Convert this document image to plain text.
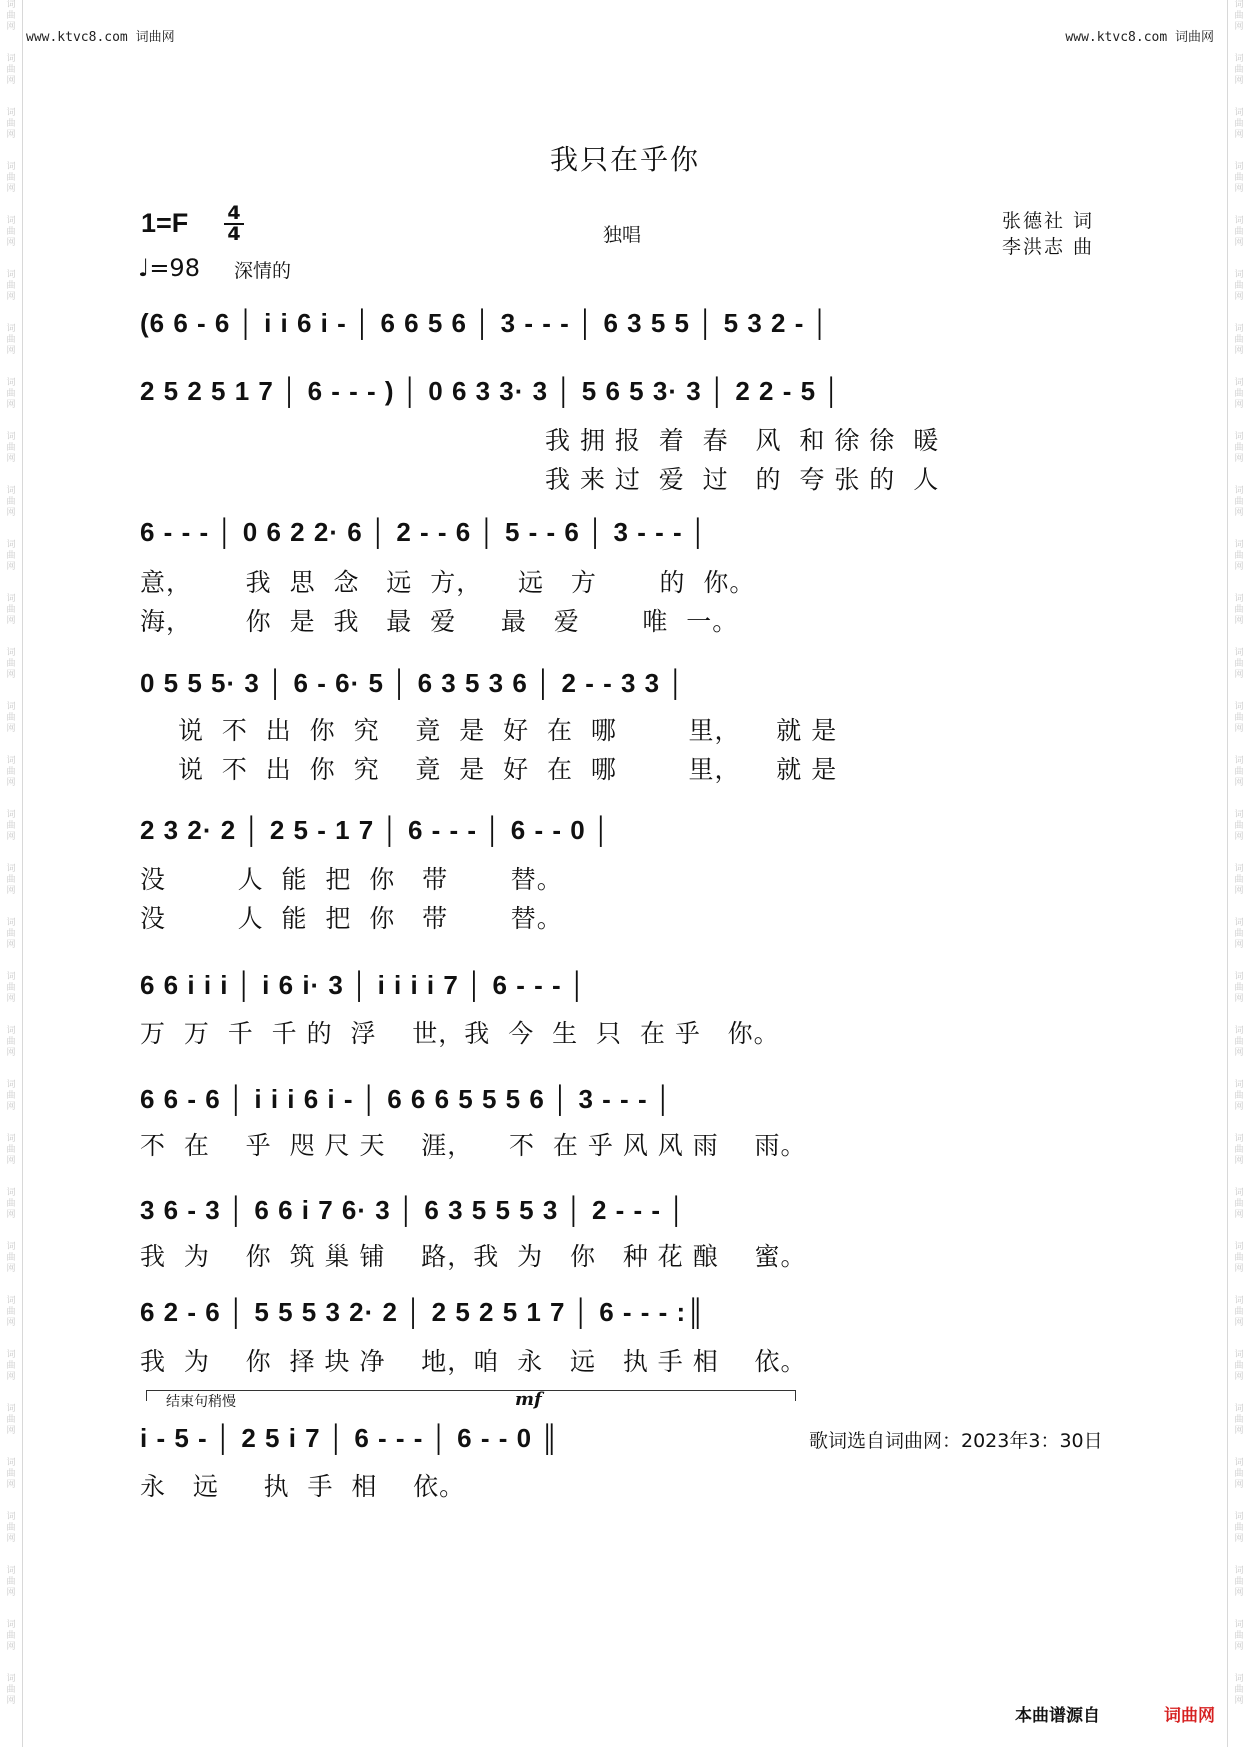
词
曲
网
词
曲
网
词
曲
网
词
曲
网
词
曲
网
词
曲
网
词
曲
网
词
曲
网
词
曲
网
词
曲
网
词
曲
网
词
曲
网
词
曲
网
词
曲
网
词
曲
网
词
曲
网
词
曲
网
词
曲
网
词
曲
网
词
曲
网
词
曲
网
词
曲
网
词
曲
网
词
曲
网
词
曲
网
词
曲
网
词
曲
网
词
曲
网
词
曲
网
词
曲
网
词
曲
网
词
曲
网
词
曲
网
词
曲
网
词
曲
网
词
曲
网
词
曲
网
词
曲
网
词
曲
网
词
曲
网
词
曲
网
词
曲
网
词
曲
网
词
曲
网
词
曲
网
词
曲
网
词
曲
网
词
曲
网
词
曲
网
词
曲
网
词
曲
网
词
曲
网
词
曲
网
词
曲
网
词
曲
网
词
曲
网
词
曲
网
词
曲
网
词
曲
网
词
曲
网
词
曲
网
词
曲
网
词
曲
网
词
曲
网
www.ktvc8.com 词曲网	www.ktvc8.com 词曲网
我只在乎你
1=F 4
4
♩=98 深情的
独唱
张德社 词
李洪志 曲
(6 6 - 6 │ i i 6 i - │ 6 6 5 6 │ 3 - - - │ 6 3 5 5 │ 5 3 2 - │
2 5 2 5 1 7 │ 6 - - - ) │ 0 6 3 3· 3 │ 5 6 5 3· 3 │ 2 2 - 5 │
我 拥 报  着  春   风  和 徐 徐  暖
我 来 过  爱  过   的  夸 张 的  人
6 - - - │ 0 6 2 2· 6 │ 2 - - 6 │ 5 - - 6 │ 3 - - - │
意，      我  思  念   远  方，    远   方       的  你。
海，      你  是  我   最  爱     最   爱       唯  一。
0 5 5 5· 3 │ 6 - 6· 5 │ 6 3 5 3 6 │ 2 - - 3 3 │
说  不  出  你  究    竟  是  好  在  哪        里，    就 是
说  不  出  你  究    竟  是  好  在  哪        里，    就 是
2 3 2· 2 │ 2 5 - 1 7 │ 6 - - - │ 6 - - 0 │
没        人  能  把  你   带       替。
没        人  能  把  你   带       替。
6 6 i i i │ i 6 i· 3 │ i i i i 7 │ 6 - - - │
万  万  千  千 的  浮    世，我  今  生  只  在 乎   你。
6 6 - 6 │ i i i 6 i - │ 6 6 6 5 5 5 6 │ 3 - - - │
不  在    乎  咫 尺 天    涯，    不  在 乎 风 风 雨    雨。
3 6 - 3 │ 6 6 i 7 6· 3 │ 6 3 5 5 5 3 │ 2 - - - │
我  为    你  筑 巢 铺    路，我  为   你   种 花 酿    蜜。
6 2 - 6 │ 5 5 5 3 2· 2 │ 2 5 2 5 1 7 │ 6 - - - :║
我  为    你  择 块 净    地，咱  永   远   执 手 相    依。
结束句稍慢	mf
i - 5 - │ 2 5 i 7 │ 6 - - - │ 6 - - 0 ║	歌词选自词曲网：2023年3：30日
永   远     执  手  相    依。
本曲谱源自	词曲网
